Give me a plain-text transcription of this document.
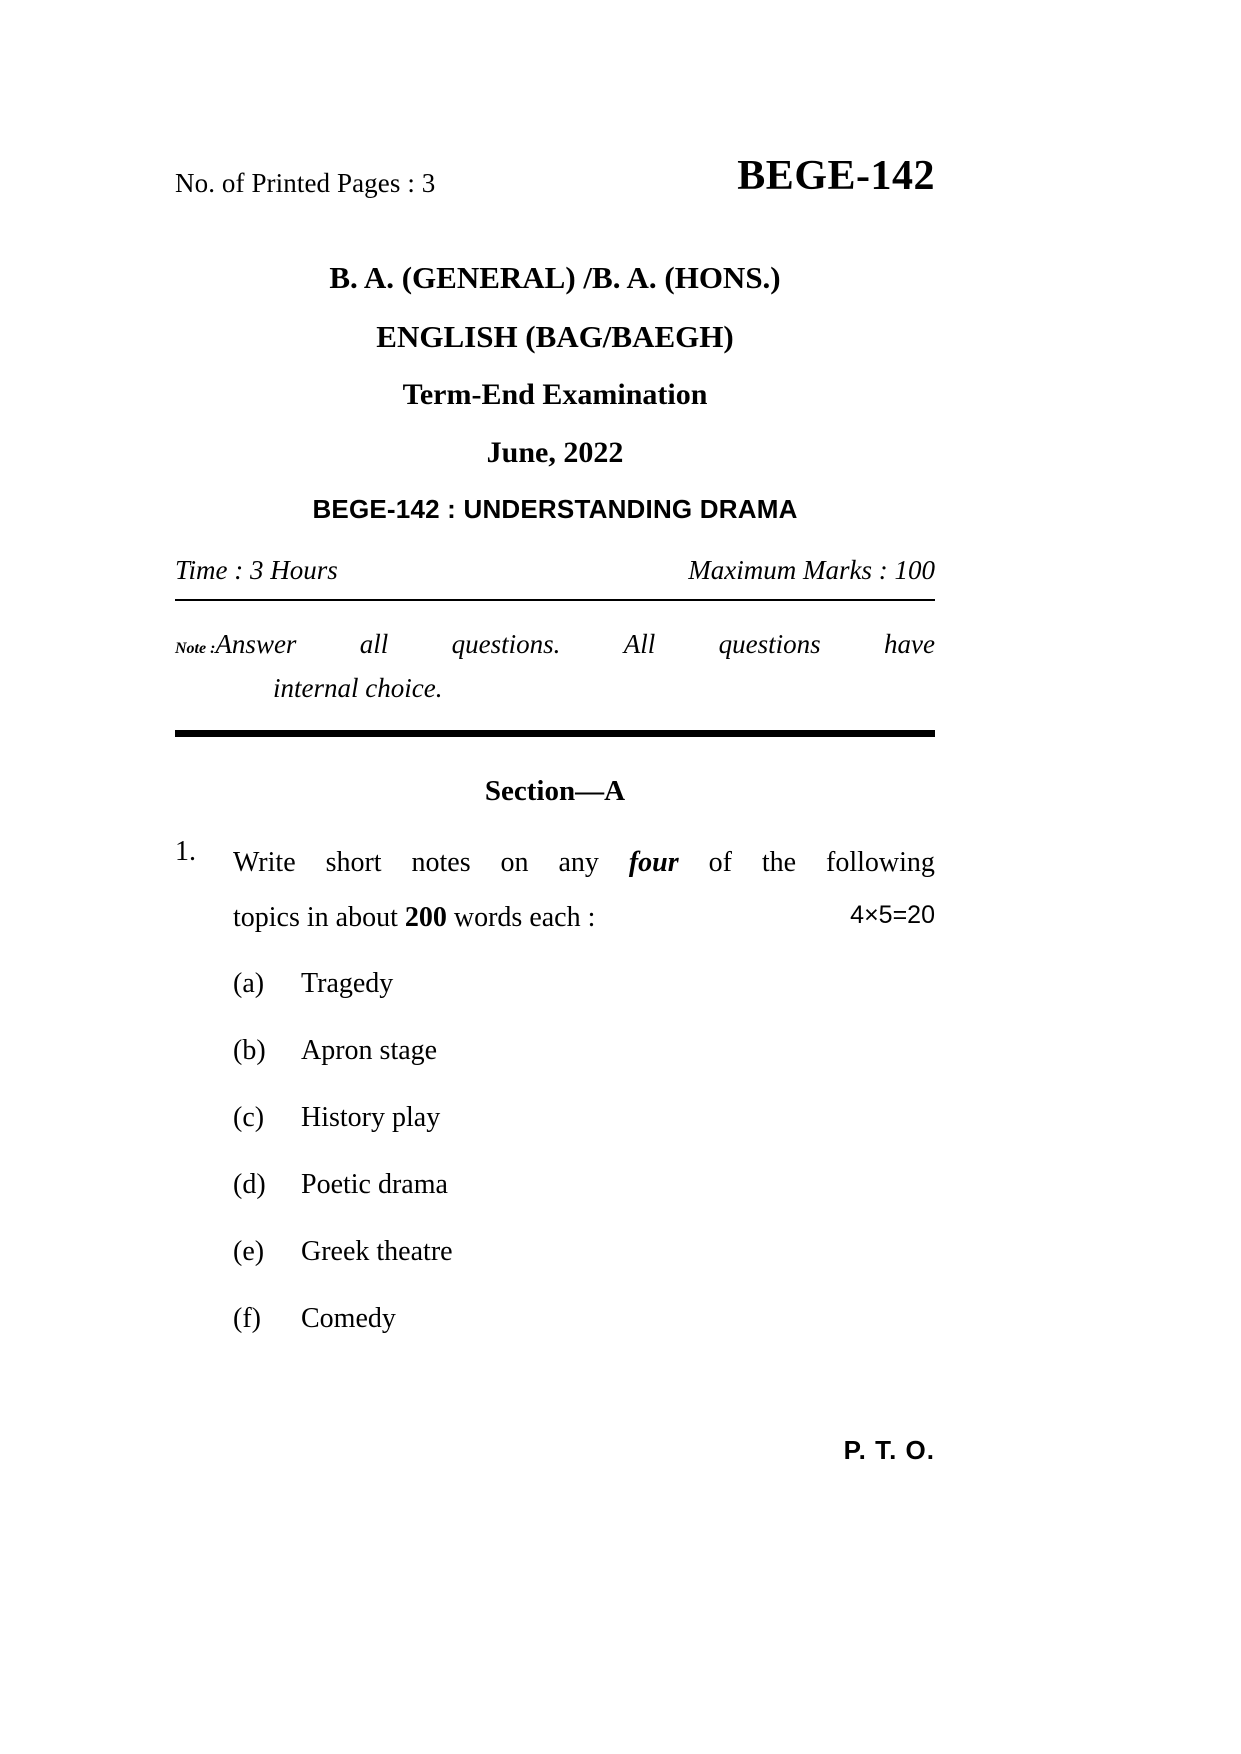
No. of Printed Pages : 3	BEGE-142
B. A. (GENERAL) /B. A. (HONS.)
ENGLISH (BAG/BAEGH)
Term-End Examination
June, 2022
BEGE-142 : UNDERSTANDING DRAMA
Time : 3 Hours	Maximum Marks : 100
Note : Answer all questions. All questions have
internal choice.
Section—A
1.	Write short notes on any four of the following
topics in about 200 words each :	4×5=20
(a)	Tragedy
(b)	Apron stage
(c)	History play
(d)	Poetic drama
(e)	Greek theatre
(f)	Comedy
P. T. O.
